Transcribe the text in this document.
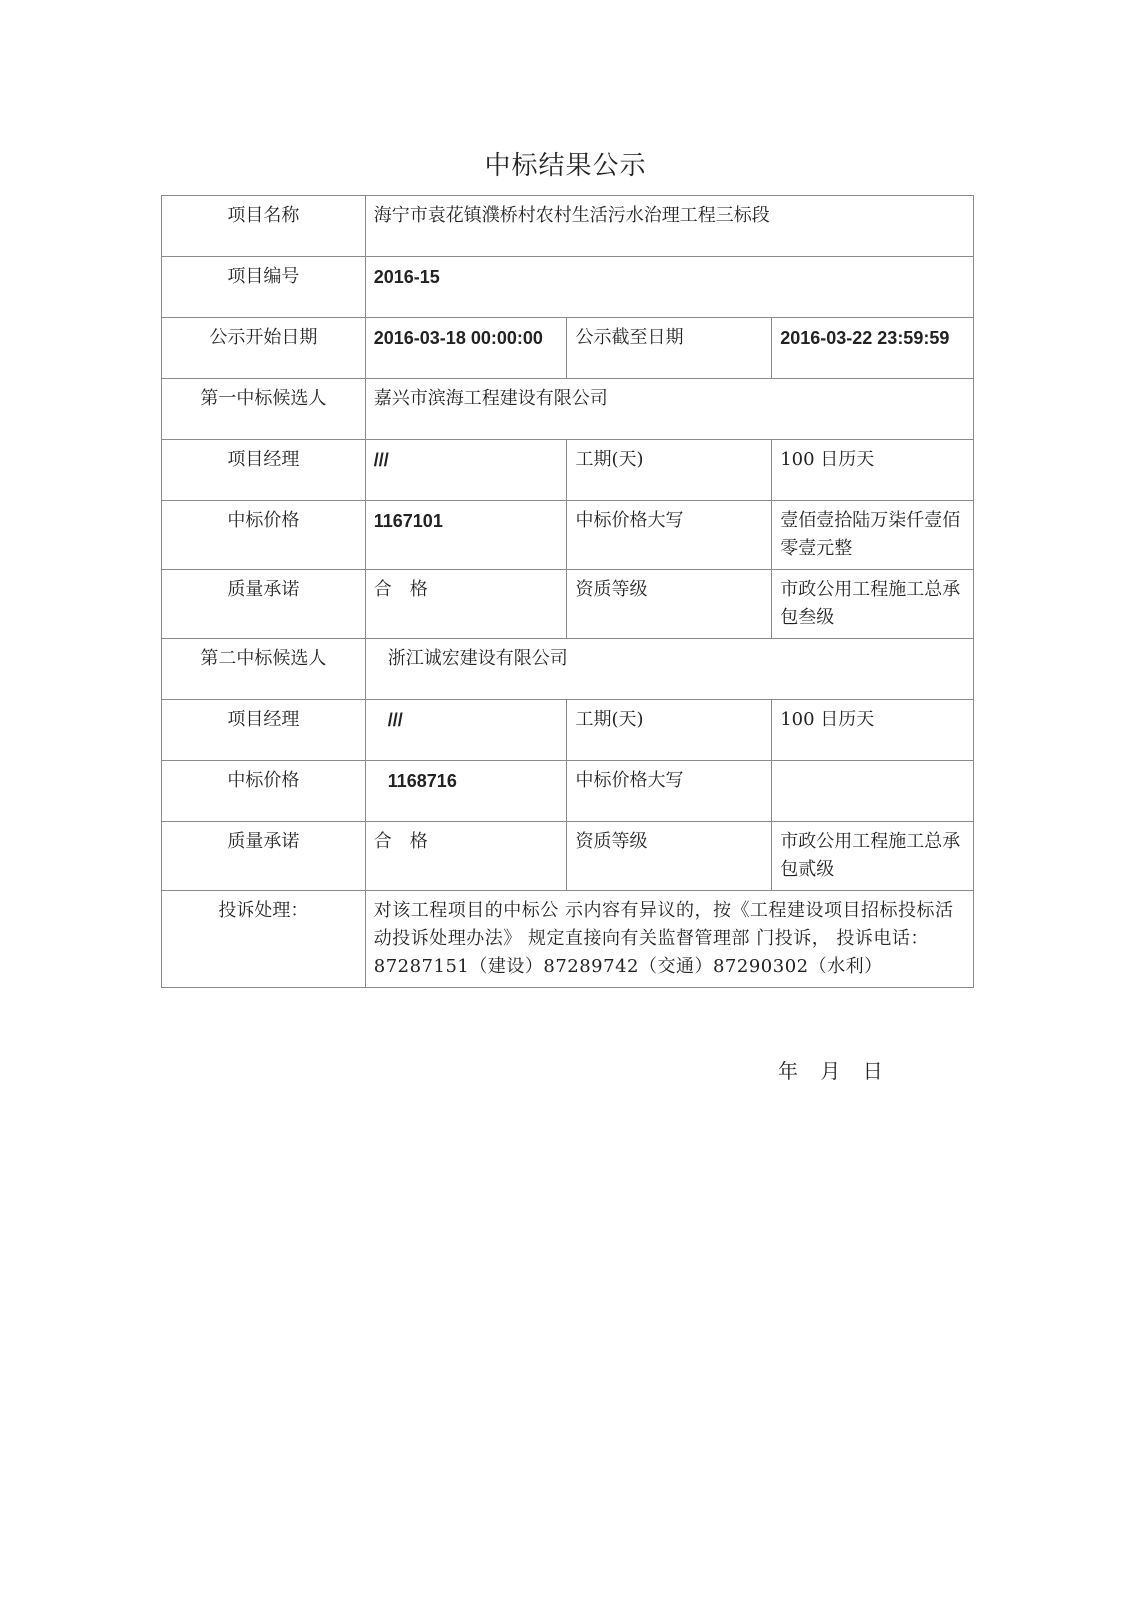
中标结果公示
项目名称	海宁市袁花镇濮桥村农村生活污水治理工程三标段		
项目编号	2016-15		
公示开始日期	2016-03-18 00:00:00	公示截至日期	2016-03-22 23:59:59
第一中标候选人	嘉兴市滨海工程建设有限公司		
项目经理	///	工期(天)	100 日历天
中标价格	1167101	中标价格大写	壹佰壹拾陆万柒仟壹佰零壹元整
质量承诺	合　格	资质等级	市政公用工程施工总承包叁级
第二中标候选人	浙江诚宏建设有限公司		
项目经理	///	工期(天)	100 日历天
中标价格	1168716	中标价格大写	
质量承诺	合　格	资质等级	市政公用工程施工总承包贰级
投诉处理：	对该工程项目的中标公 示内容有异议的，按《工程建设项目招标投标活动投诉处理办法》 规定直接向有关监督管理部 门投诉， 投诉电话：87287151（建设）87289742（交通）87290302（水利）		
年 月 日
